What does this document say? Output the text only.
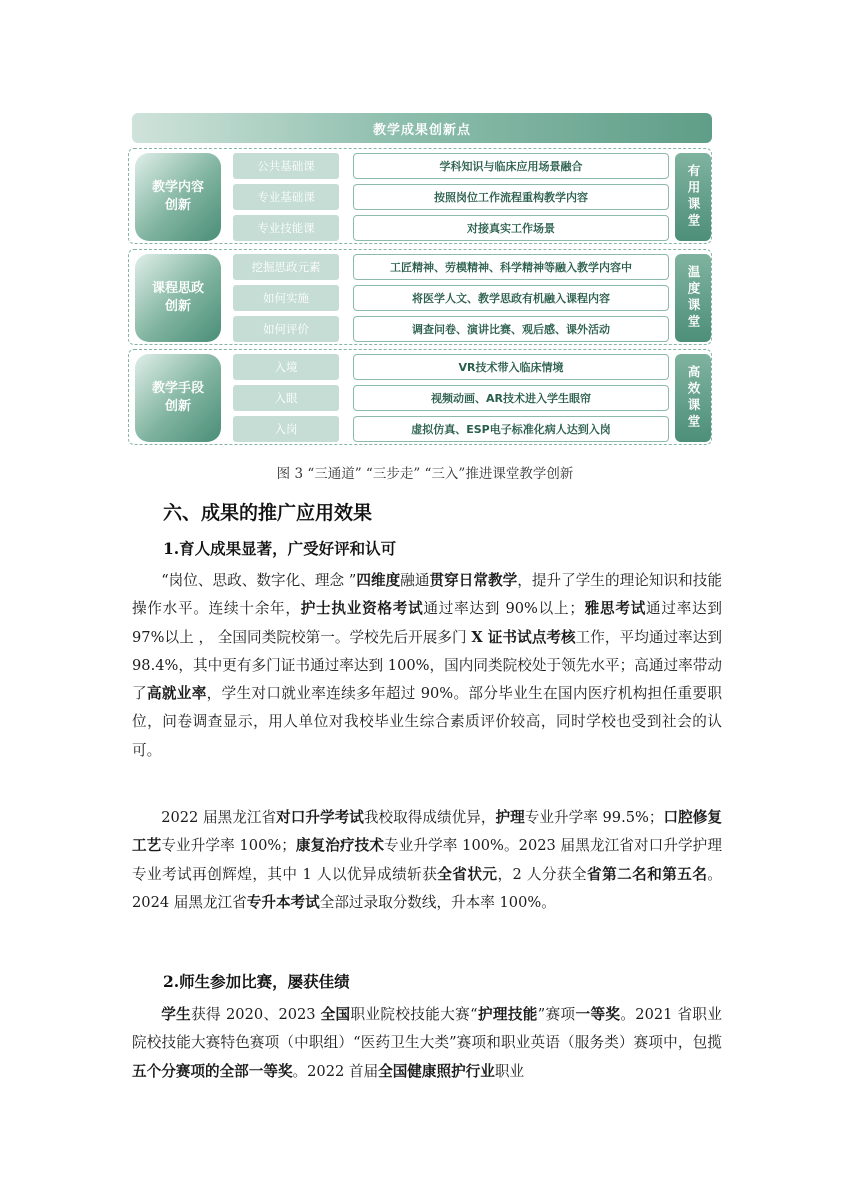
教学成果创新点
教学内容
创新
公共基础课	学科知识与临床应用场景融合
专业基础课	按照岗位工作流程重构教学内容
专业技能课	对接真实工作场景	有用课堂
课程思政
创新
挖掘思政元素	工匠精神、劳模精神、科学精神等融入教学内容中
如何实施	将医学人文、教学思政有机融入课程内容
如何评价	调查问卷、演讲比赛、观后感、课外活动	温度课堂
教学手段
创新
入境	VR技术带入临床情境
入眼	视频动画、AR技术进入学生眼帘
入岗	虚拟仿真、ESP电子标准化病人达到入岗	高效课堂
图 3 “三通道” “三步走” “三入”推进课堂教学创新
六、成果的推广应用效果
1.育人成果显著，广受好评和认可

“岗位、思政、数字化、理念 ”四维度融通贯穿日常教学，提升了学生的理论知识和技能操作水平。连续十余年，护士执业资格考试通过率达到 90%以上；雅思考试通过率达到 97%以上 ， 全国同类院校第一。学校先后开展多门 X 证书试点考核工作，平均通过率达到 98.4%，其中更有多门证书通过率达到 100%，国内同类院校处于领先水平；高通过率带动了高就业率，学生对口就业率连续多年超过 90%。部分毕业生在国内医疗机构担任重要职位，问卷调查显示，用人单位对我校毕业生综合素质评价较高，同时学校也受到社会的认可。

2022 届黑龙江省对口升学考试我校取得成绩优异，护理专业升学率 99.5%；口腔修复工艺专业升学率 100%；康复治疗技术专业升学率 100%。2023 届黑龙江省对口升学护理专业考试再创辉煌，其中 1 人以优异成绩斩获全省状元，2 人分获全省第二名和第五名。2024 届黑龙江省专升本考试全部过录取分数线，升本率 100%。

2.师生参加比赛，屡获佳绩

学生获得 2020、2023 全国职业院校技能大赛“护理技能”赛项一等奖。2021 省职业院校技能大赛特色赛项（中职组）“医药卫生大类”赛项和职业英语（服务类）赛项中，包揽五个分赛项的全部一等奖。2022 首届全国健康照护行业职业
